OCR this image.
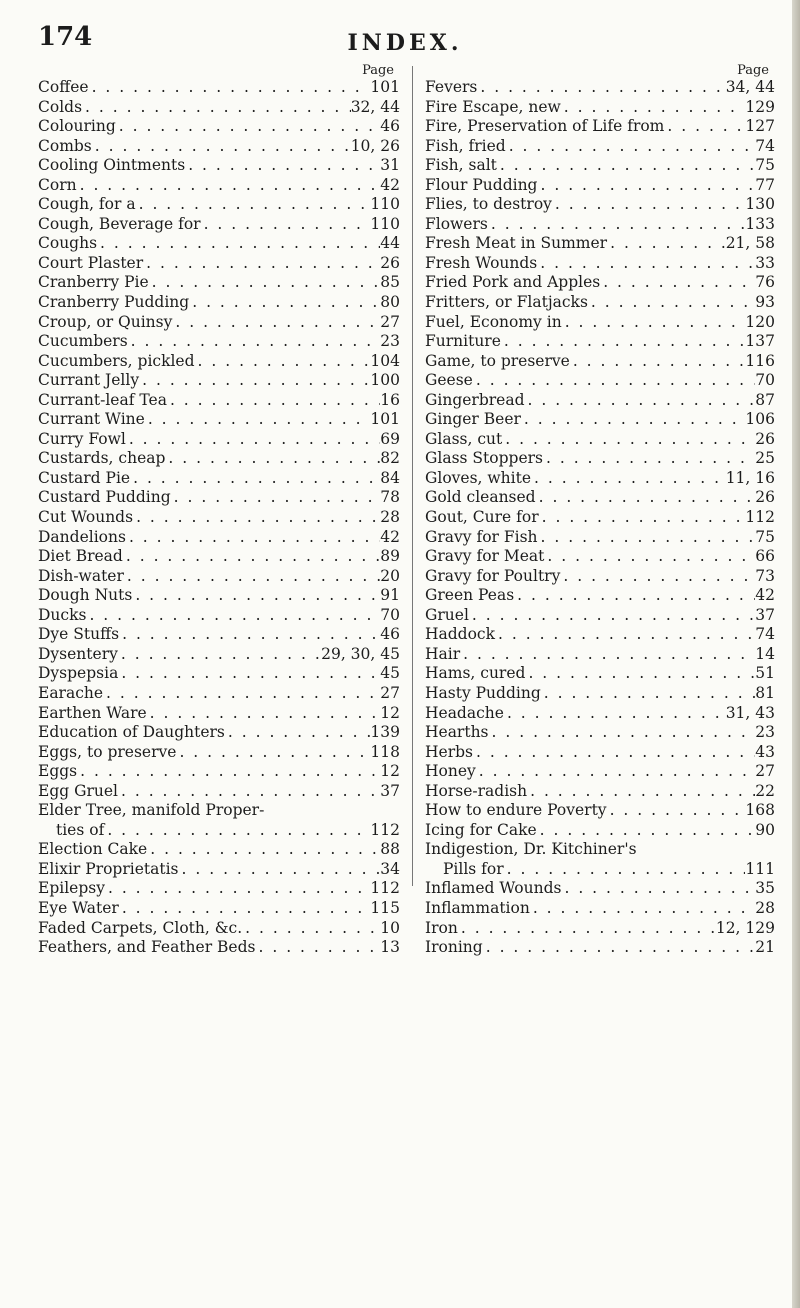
174	INDEX.
Page
Coffee . . .	101
Colds . . .	32, 44
Colouring . . .	46
Combs . . .	10, 26
Cooling Ointments . . .	31
Corn . . .	42
Cough, for a . . .	110
Cough, Beverage for . . .	110
Coughs . . .	44
Court Plaster . . .	26
Cranberry Pie . . .	85
Cranberry Pudding . . .	80
Croup, or Quinsy . . .	27
Cucumbers . . .	23
Cucumbers, pickled . . .	104
Currant Jelly . . .	100
Currant-leaf Tea . . .	16
Currant Wine . . .	101
Curry Fowl . . .	69
Custards, cheap . . .	82
Custard Pie . . .	84
Custard Pudding . . .	78
Cut Wounds . . .	28
Dandelions . . .	42
Diet Bread . . .	89
Dish-water . . .	20
Dough Nuts . . .	91
Ducks . . .	70
Dye Stuffs . . .	46
Dysentery . . .	29, 30, 45
Dyspepsia . . .	45
Earache . . .	27
Earthen Ware . . .	12
Education of Daughters . . .	139
Eggs, to preserve . . .	118
Eggs . . .	12
Egg Gruel . . .	37
Elder Tree, manifold Proper-
ties of . . .	112
Election Cake . . .	88
Elixir Proprietatis . . .	34
Epilepsy . . .	112
Eye Water . . .	115
Faded Carpets, Cloth, &c. . . .	10
Feathers, and Feather Beds . . .	13
Page
Fevers . . .	34, 44
Fire Escape, new . . .	129
Fire, Preservation of Life from . . .	127
Fish, fried . . .	74
Fish, salt . . .	75
Flour Pudding . . .	77
Flies, to destroy . . .	130
Flowers . . .	133
Fresh Meat in Summer . . .	21, 58
Fresh Wounds . . .	33
Fried Pork and Apples . . .	76
Fritters, or Flatjacks . . .	93
Fuel, Economy in . . .	120
Furniture . . .	137
Game, to preserve . . .	116
Geese . . .	70
Gingerbread . . .	87
Ginger Beer . . .	106
Glass, cut . . .	26
Glass Stoppers . . .	25
Gloves, white . . .	11, 16
Gold cleansed . . .	26
Gout, Cure for . . .	112
Gravy for Fish . . .	75
Gravy for Meat . . .	66
Gravy for Poultry . . .	73
Green Peas . . .	42
Gruel . . .	37
Haddock . . .	74
Hair . . .	14
Hams, cured . . .	51
Hasty Pudding . . .	81
Headache . . .	31, 43
Hearths . . .	23
Herbs . . .	43
Honey . . .	27
Horse-radish . . .	22
How to endure Poverty . . .	168
Icing for Cake . . .	90
Indigestion, Dr. Kitchiner's
Pills for . . .	111
Inflamed Wounds . . .	35
Inflammation . . .	28
Iron . . .	12, 129
Ironing . . .	21
